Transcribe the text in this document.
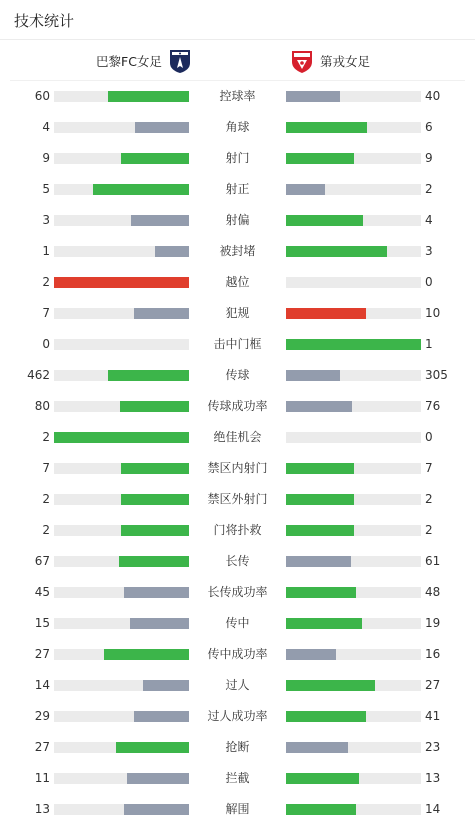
技术统计
巴黎FC女足	第戎女足
60	控球率	40
4	角球	6
9	射门	9
5	射正	2
3	射偏	4
1	被封堵	3
2	越位	0
7	犯规	10
0	击中门框	1
462	传球	305
80	传球成功率	76
2	绝佳机会	0
7	禁区内射门	7
2	禁区外射门	2
2	门将扑救	2
67	长传	61
45	长传成功率	48
15	传中	19
27	传中成功率	16
14	过人	27
29	过人成功率	41
27	抢断	23
11	拦截	13
13	解围	14
